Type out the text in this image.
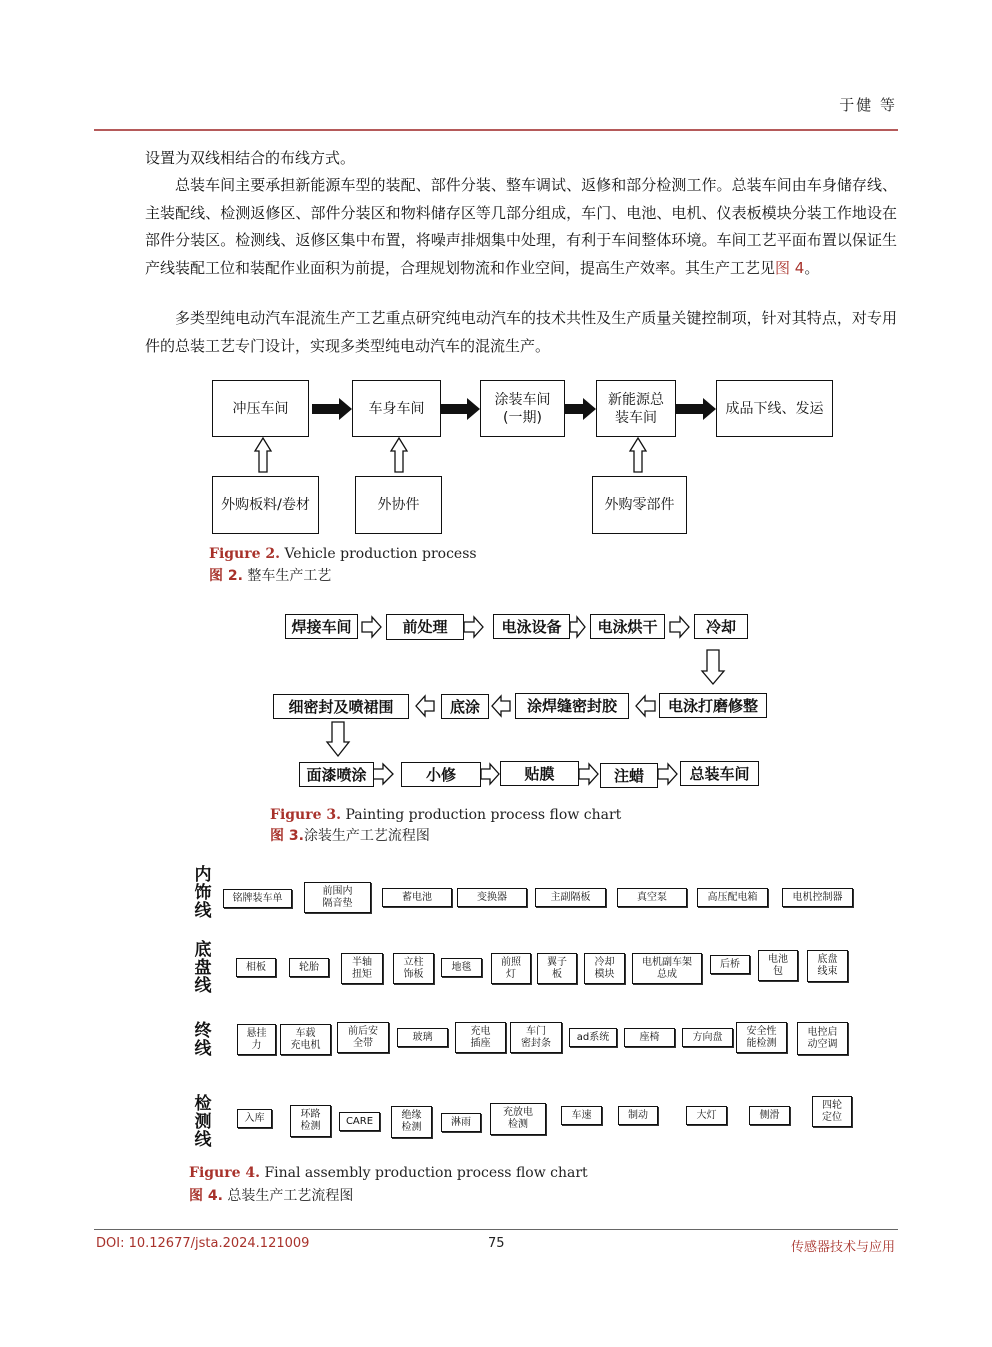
于健 等
设置为双线相结合的布线方式。
总装车间主要承担新能源车型的装配、部件分装、整车调试、返修和部分检测工作。总装车间由车身储存线、主装配线、检测返修区、部件分装区和物料储存区等几部分组成，车门、电池、电机、仪表板模块分装工作地设在部件分装区。检测线、返修区集中布置，将噪声排烟集中处理，有利于车间整体环境。车间工艺平面布置以保证生产线装配工位和装配作业面积为前提，合理规划物流和作业空间，提高生产效率。其生产工艺见图 4。
多类型纯电动汽车混流生产工艺重点研究纯电动汽车的技术共性及生产质量关键控制项，针对其特点，对专用件的总装工艺专门设计，实现多类型纯电动汽车的混流生产。
冲压车间	车身车间
涂装车间
(一期)
新能源总
装车间
成品下线、发运
外购板料/卷材	外协件	外购零部件
Figure 2. Vehicle production process
图 2. 整车生产工艺
焊接车间	前处理	电泳设备	电泳烘干	冷却
细密封及喷裙围	底涂	涂焊缝密封胶	电泳打磨修整
面漆喷涂	小修	贴膜	注蜡	总装车间
Figure 3. Painting production process flow chart
图 3.涂装生产工艺流程图
内饰线
底盘线
终线
检测线
铭牌装车单
前围内
隔音垫
蓄电池	变换器	主副隔板	真空泵	高压配电箱	电机控制器
相板	轮胎	半轴
扭矩
立柱
饰板
地毯	前照
灯
翼子
板
冷却
模块
电机副车架
总成
后桥	电池
包
底盘
线束
悬挂
力
车载
充电机
前后安
全带
玻璃
充电
插座
车门
密封条
ad系统	座椅	方向盘
安全性
能检测
电控启
动空调
入库	环路
检测	CARE	绝缘
检测	淋雨
充放电
检测
车速	制动	大灯	侧滑
四轮
定位
Figure 4. Final assembly production process flow chart
图 4. 总装生产工艺流程图
DOI: 10.12677/jsta.2024.121009	75	传感器技术与应用
